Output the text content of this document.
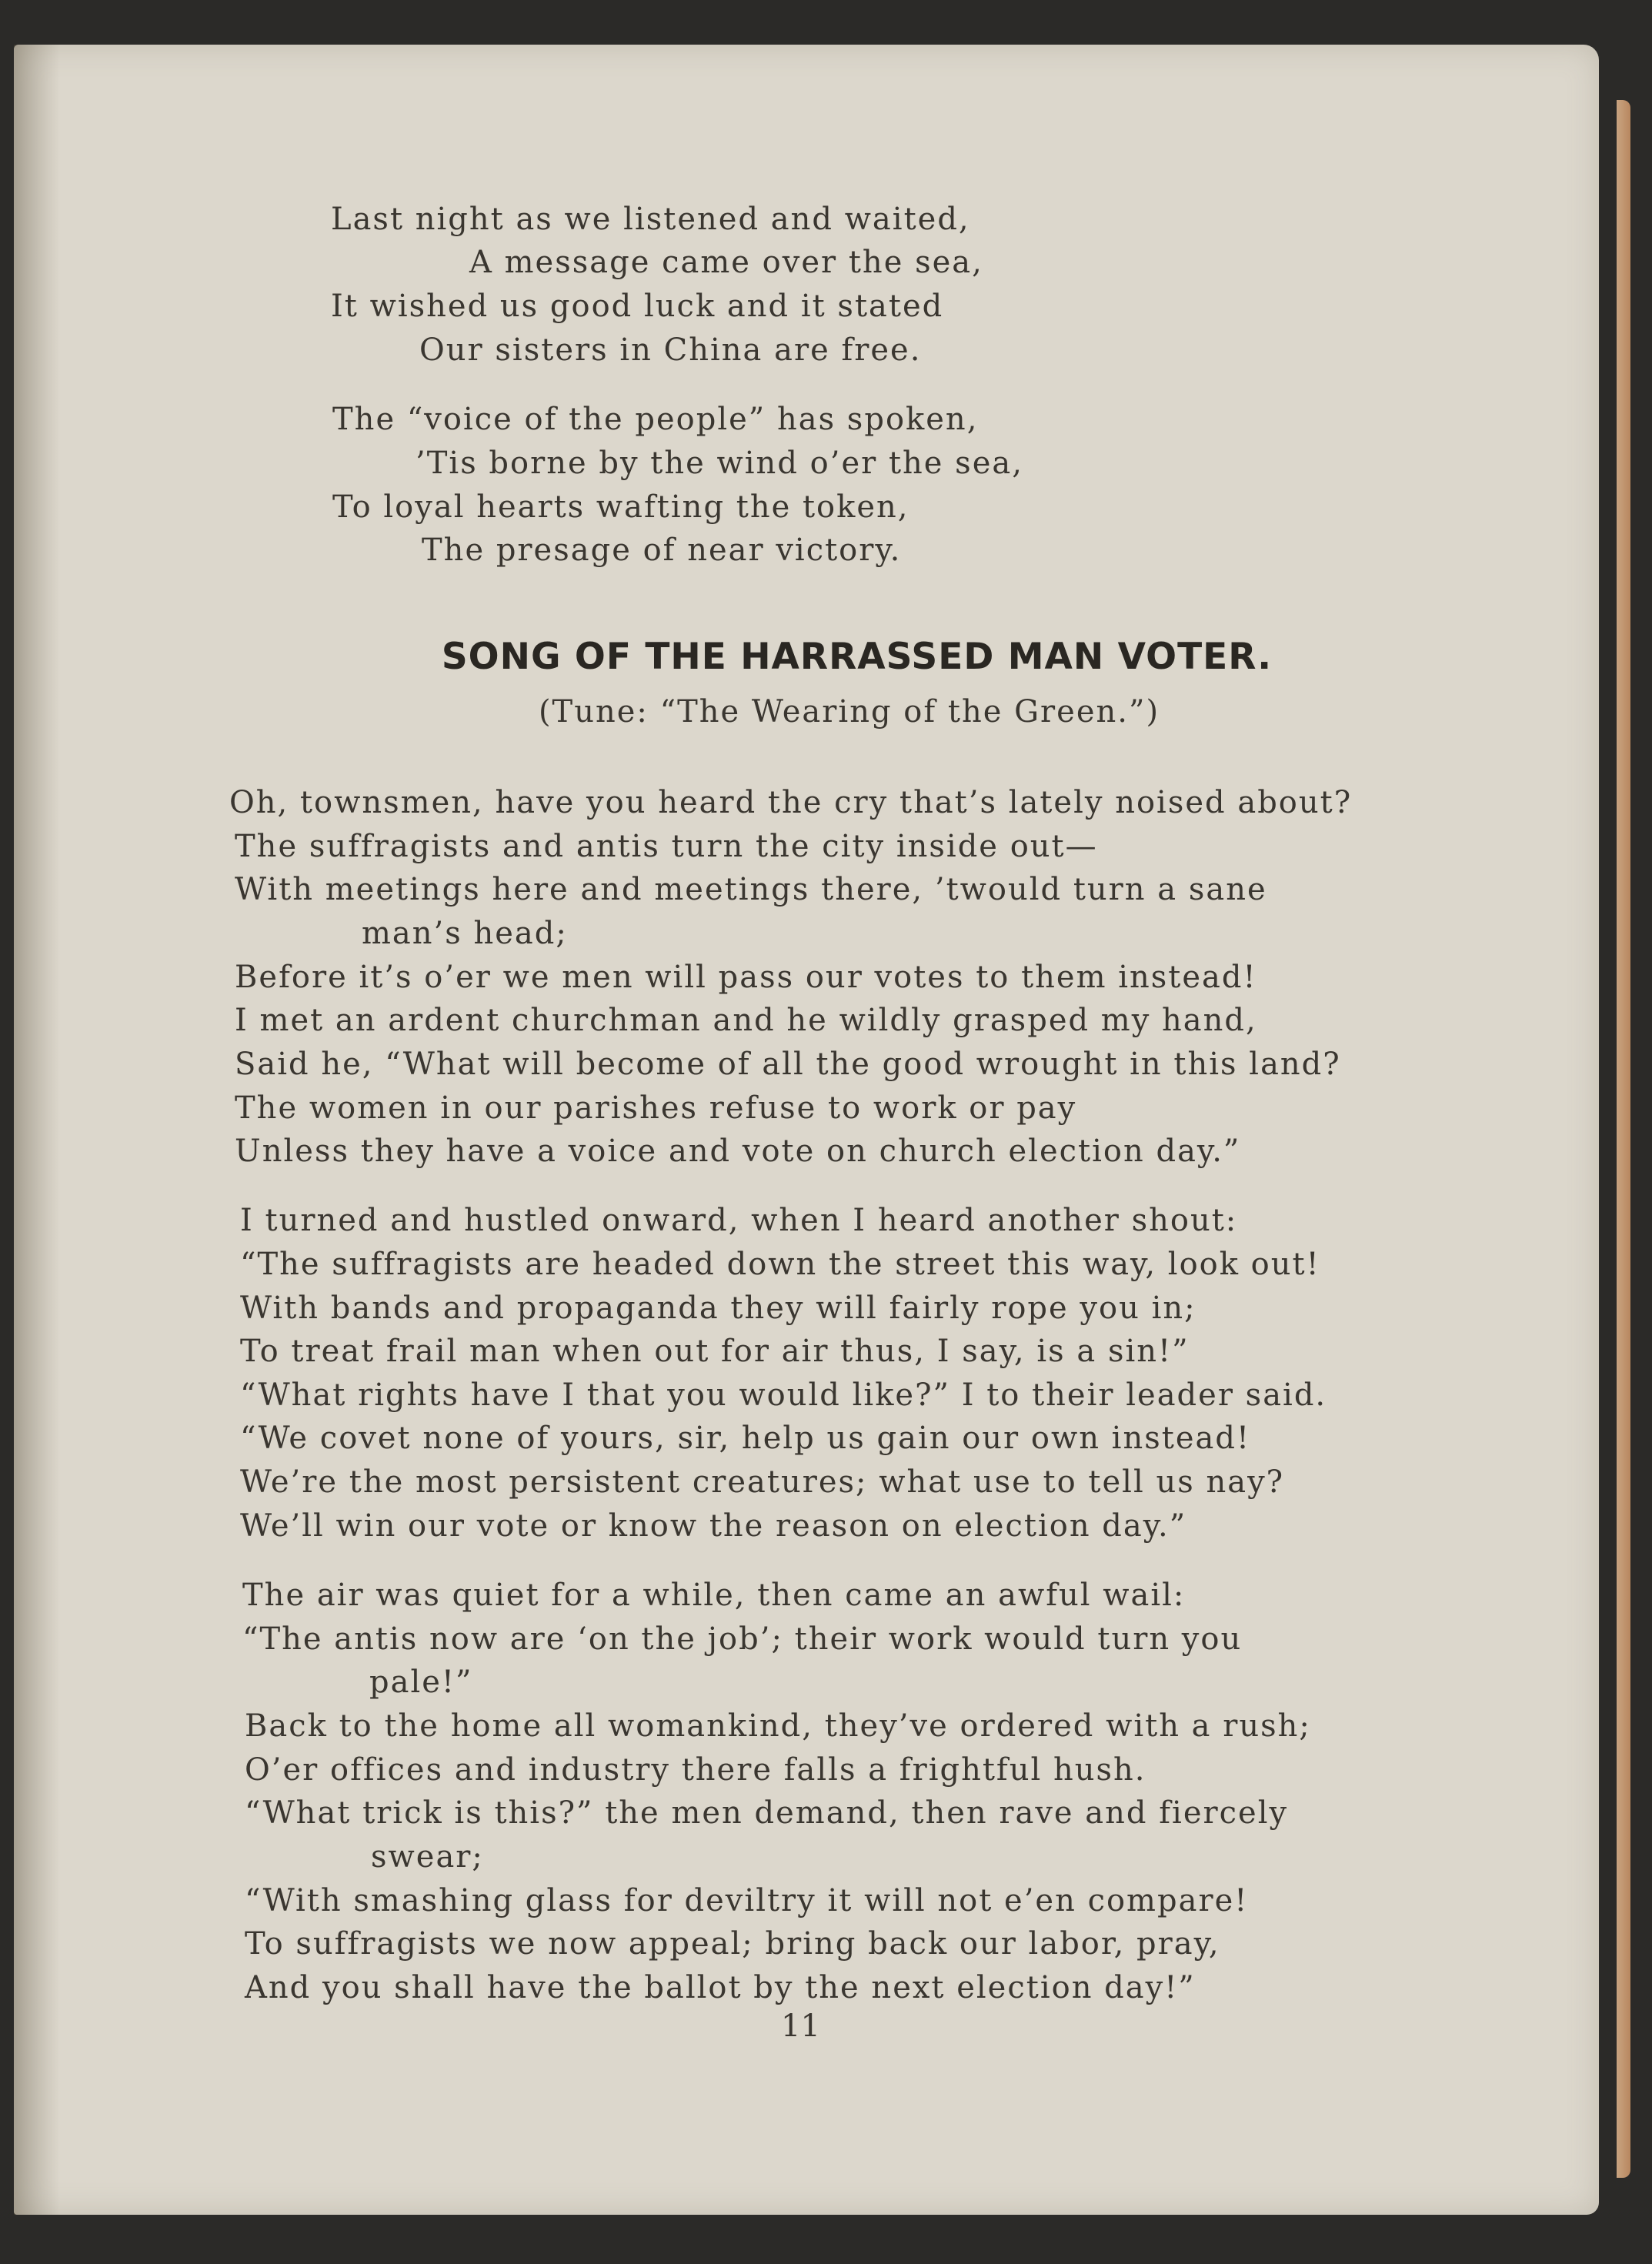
Last night as we listened and waited,
A message came over the sea,
It wished us good luck and it stated
Our sisters in China are free.
The “voice of the people” has spoken,
’Tis borne by the wind o’er the sea,
To loyal hearts wafting the token,
The presage of near victory.
SONG OF THE HARRASSED MAN VOTER.
(Tune: “The Wearing of the Green.”)
Oh, townsmen, have you heard the cry that’s lately noised about?
The suffragists and antis turn the city inside out—
With meetings here and meetings there, ’twould turn a sane
man’s head;
Before it’s o’er we men will pass our votes to them instead!
I met an ardent churchman and he wildly grasped my hand,
Said he, “What will become of all the good wrought in this land?
The women in our parishes refuse to work or pay
Unless they have a voice and vote on church election day.”
I turned and hustled onward, when I heard another shout:
“The suffragists are headed down the street this way, look out!
With bands and propaganda they will fairly rope you in;
To treat frail man when out for air thus, I say, is a sin!”
“What rights have I that you would like?” I to their leader said.
“We covet none of yours, sir, help us gain our own instead!
We’re the most persistent creatures; what use to tell us nay?
We’ll win our vote or know the reason on election day.”
The air was quiet for a while, then came an awful wail:
“The antis now are ‘on the job’; their work would turn you
pale!”
Back to the home all womankind, they’ve ordered with a rush;
O’er offices and industry there falls a frightful hush.
“What trick is this?” the men demand, then rave and fiercely
swear;
“With smashing glass for deviltry it will not e’en compare!
To suffragists we now appeal; bring back our labor, pray,
And you shall have the ballot by the next election day!”
11
